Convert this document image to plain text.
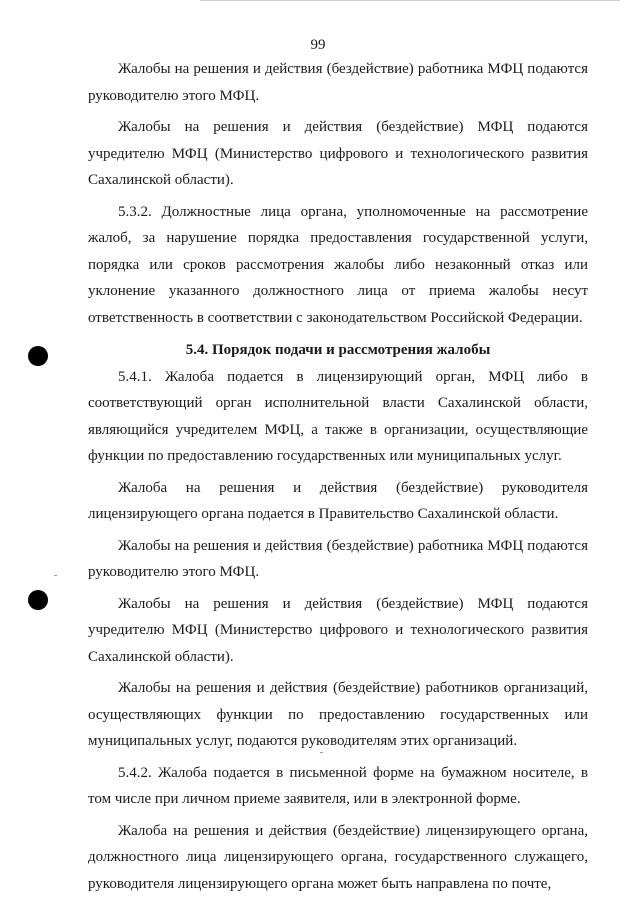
99

Жалобы на решения и действия (бездействие) работника МФЦ подаются руководителю этого МФЦ.

Жалобы на решения и действия (бездействие) МФЦ подаются учредителю МФЦ (Министерство цифрового и технологического развития Сахалинской области).

5.3.2. Должностные лица органа, уполномоченные на рассмотрение жалоб, за нарушение порядка предоставления государственной услуги, порядка или сроков рассмотрения жалобы либо незаконный отказ или уклонение указанного должностного лица от приема жалобы несут ответственность в соответствии с законодательством Российской Федерации.

5.4. Порядок подачи и рассмотрения жалобы

5.4.1. Жалоба подается в лицензирующий орган, МФЦ либо в соответствующий орган исполнительной власти Сахалинской области, являющийся учредителем МФЦ, а также в организации, осуществляющие функции по предоставлению государственных или муниципальных услуг.

Жалоба на решения и действия (бездействие) руководителя лицензирующего органа подается в Правительство Сахалинской области.

Жалобы на решения и действия (бездействие) работника МФЦ подаются руководителю этого МФЦ.

Жалобы на решения и действия (бездействие) МФЦ подаются учредителю МФЦ (Министерство цифрового и технологического развития Сахалинской области).

Жалобы на решения и действия (бездействие) работников организаций, осуществляющих функции по предоставлению государственных или муниципальных услуг, подаются руководителям этих организаций.

5.4.2. Жалоба подается в письменной форме на бумажном носителе, в том числе при личном приеме заявителя, или в электронной форме.

Жалоба на решения и действия (бездействие) лицензирующего органа, должностного лица лицензирующего органа, государственного служащего, руководителя лицензирующего органа может быть направлена по почте,
